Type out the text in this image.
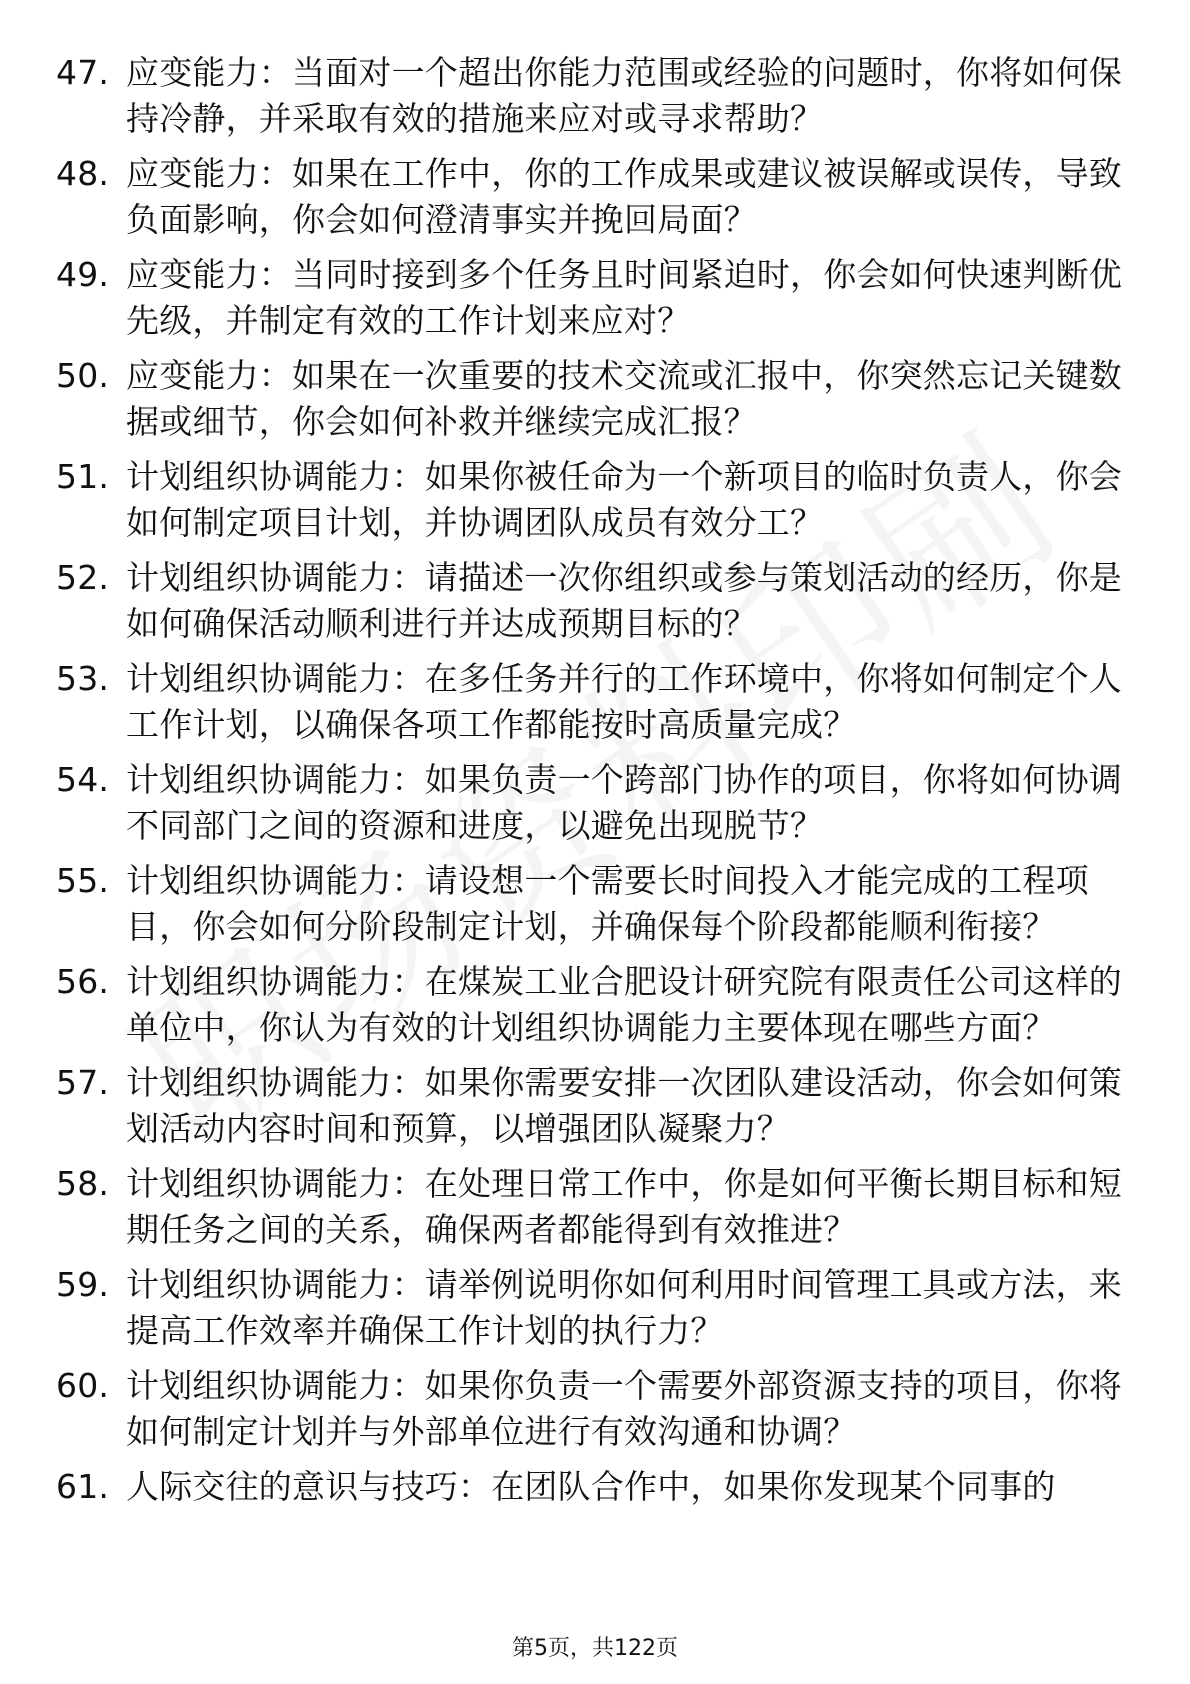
47. 应变能力：当面对一个超出你能力范围或经验的问题时，你将如何保持冷静，并采取有效的措施来应对或寻求帮助？
48. 应变能力：如果在工作中，你的工作成果或建议被误解或误传，导致负面影响，你会如何澄清事实并挽回局面？
49. 应变能力：当同时接到多个任务且时间紧迫时，你会如何快速判断优先级，并制定有效的工作计划来应对？
50. 应变能力：如果在一次重要的技术交流或汇报中，你突然忘记关键数据或细节，你会如何补救并继续完成汇报？
51. 计划组织协调能力：如果你被任命为一个新项目的临时负责人，你会如何制定项目计划，并协调团队成员有效分工？
52. 计划组织协调能力：请描述一次你组织或参与策划活动的经历，你是如何确保活动顺利进行并达成预期目标的？
53. 计划组织协调能力：在多任务并行的工作环境中，你将如何制定个人工作计划，以确保各项工作都能按时高质量完成？
54. 计划组织协调能力：如果负责一个跨部门协作的项目，你将如何协调不同部门之间的资源和进度，以避免出现脱节？
55. 计划组织协调能力：请设想一个需要长时间投入才能完成的工程项目，你会如何分阶段制定计划，并确保每个阶段都能顺利衔接？
56. 计划组织协调能力：在煤炭工业合肥设计研究院有限责任公司这样的单位中，你认为有效的计划组织协调能力主要体现在哪些方面？
57. 计划组织协调能力：如果你需要安排一次团队建设活动，你会如何策划活动内容时间和预算，以增强团队凝聚力？
58. 计划组织协调能力：在处理日常工作中，你是如何平衡长期目标和短期任务之间的关系，确保两者都能得到有效推进？
59. 计划组织协调能力：请举例说明你如何利用时间管理工具或方法，来提高工作效率并确保工作计划的执行力？
60. 计划组织协调能力：如果你负责一个需要外部资源支持的项目，你将如何制定计划并与外部单位进行有效沟通和协调？
61. 人际交往的意识与技巧：在团队合作中，如果你发现某个同事的
第5页，共122页
